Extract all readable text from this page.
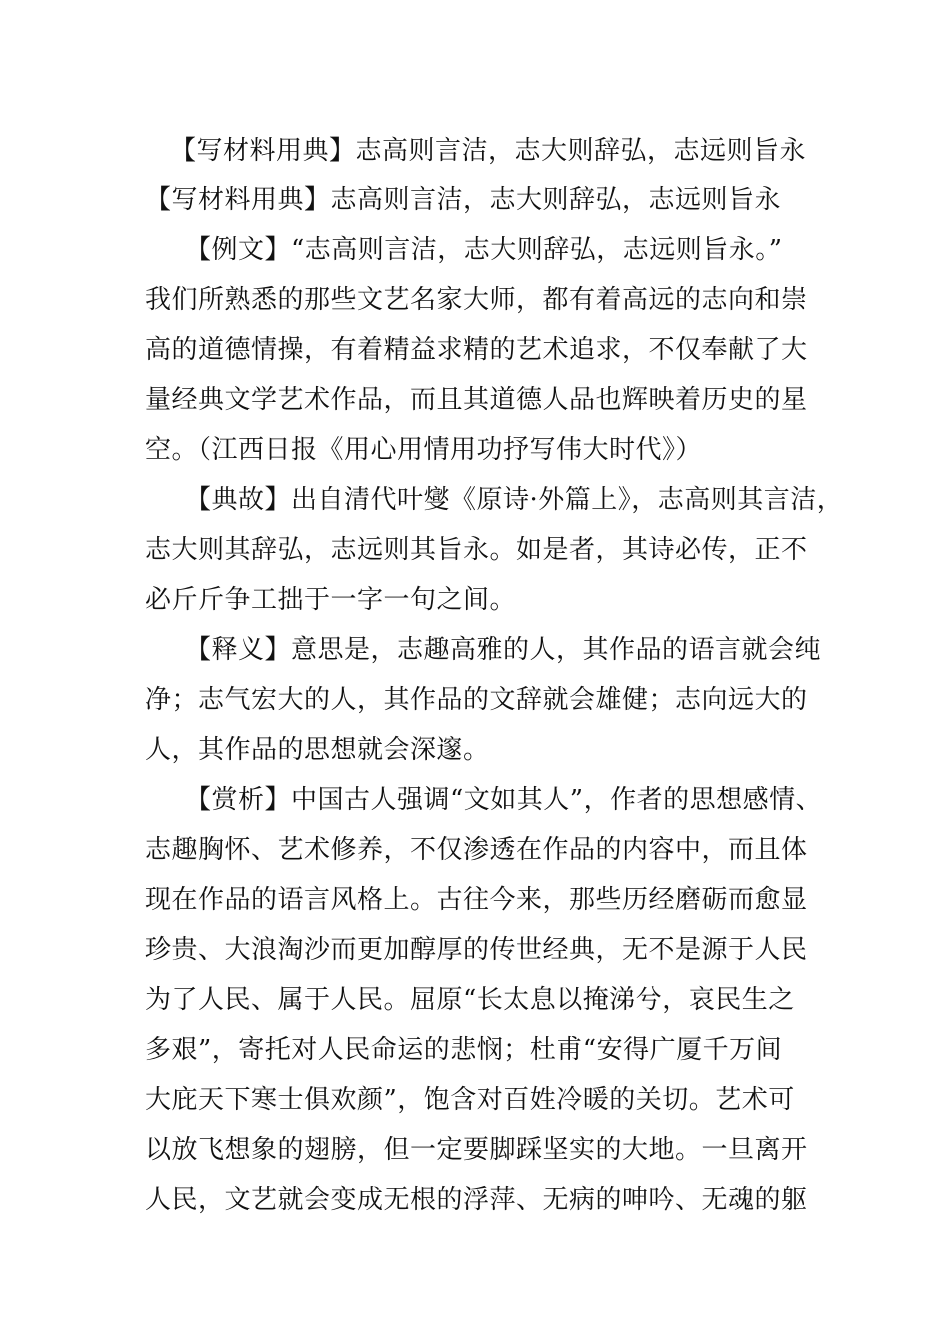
【写材料用典】志高则言洁，志大则辞弘，志远则旨永
【写材料用典】志高则言洁，志大则辞弘，志远则旨永
【例文】“志高则言洁，志大则辞弘，志远则旨永。”
我们所熟悉的那些文艺名家大师，都有着高远的志向和崇
高的道德情操，有着精益求精的艺术追求，不仅奉献了大
量经典文学艺术作品，而且其道德人品也辉映着历史的星
空。（江西日报《用心用情用功抒写伟大时代》）
【典故】出自清代叶燮《原诗·外篇上》，志高则其言洁，
志大则其辞弘，志远则其旨永。如是者，其诗必传，正不
必斤斤争工拙于一字一句之间。
【释义】意思是，志趣高雅的人，其作品的语言就会纯
净；志气宏大的人，其作品的文辞就会雄健；志向远大的
人，其作品的思想就会深邃。
【赏析】中国古人强调“文如其人”，作者的思想感情、
志趣胸怀、艺术修养，不仅渗透在作品的内容中，而且体
现在作品的语言风格上。古往今来，那些历经磨砺而愈显
珍贵、大浪淘沙而更加醇厚的传世经典，无不是源于人民
为了人民、属于人民。屈原“长太息以掩涕兮，哀民生之
多艰”，寄托对人民命运的悲悯；杜甫“安得广厦千万间
大庇天下寒士俱欢颜”，饱含对百姓冷暖的关切。艺术可
以放飞想象的翅膀，但一定要脚踩坚实的大地。一旦离开
人民，文艺就会变成无根的浮萍、无病的呻吟、无魂的躯
